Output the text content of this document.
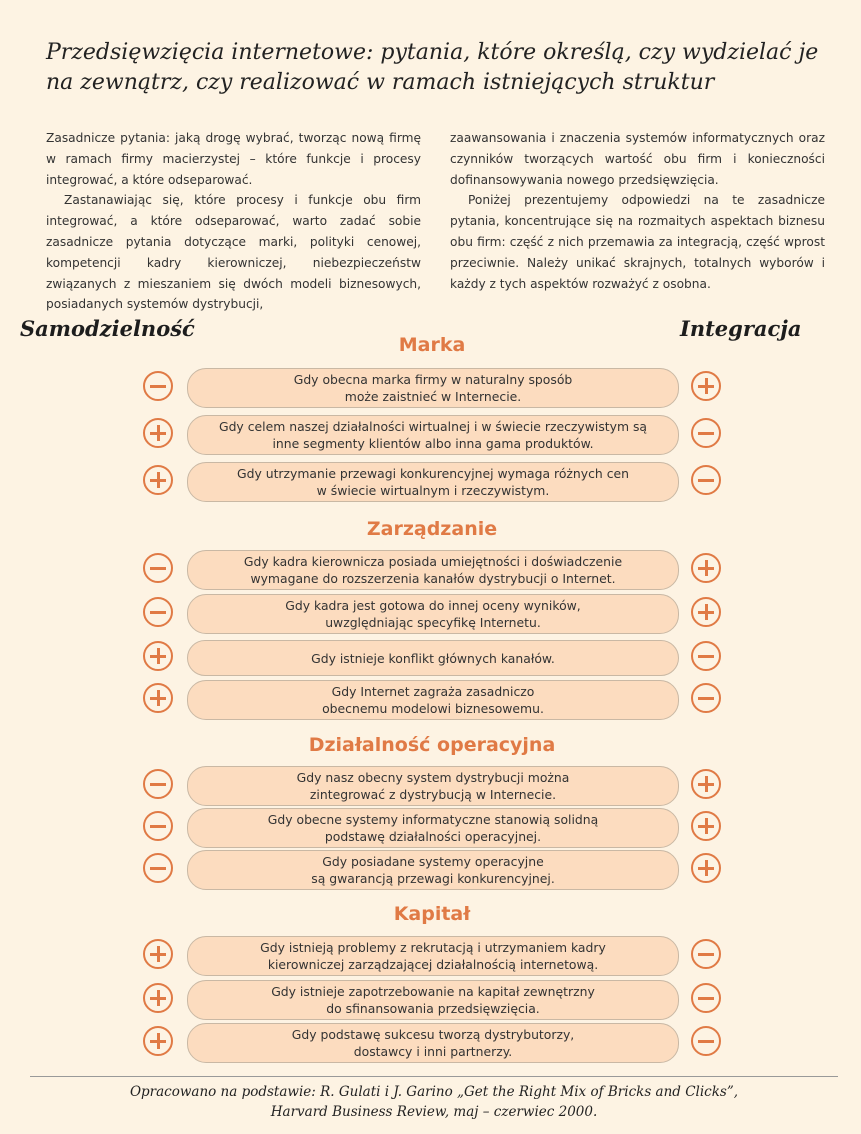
Przedsięwzięcia internetowe: pytania, które określą, czy wydzielać je
na zewnątrz, czy realizować w ramach istniejących struktur

Zasadnicze pytania: jaką drogę wybrać, tworząc nową firmę w ramach firmy macierzystej – które funkcje i procesy integrować, a które odseparować.

Zastanawiając się, które procesy i funkcje obu firm integrować, a które odseparować, warto zadać sobie zasadnicze pytania dotyczące marki, polityki cenowej, kompetencji kadry kierowniczej, niebezpieczeństw związanych z mieszaniem się dwóch modeli biznesowych, posiadanych systemów dystrybucji,

zaawansowania i znaczenia systemów informatycznych oraz czynników tworzących wartość obu firm i konieczności dofinansowywania nowego przedsięwzięcia.

Poniżej prezentujemy odpowiedzi na te zasadnicze pytania, koncentrujące się na rozmaitych aspektach biznesu obu firm: część z nich przemawia za integracją, część wprost przeciwnie. Należy unikać skrajnych, totalnych wyborów i każdy z tych aspektów rozważyć z osobna.

Samodzielność	Integracja
Marka
Gdy obecna marka firmy w naturalny sposób
może zaistnieć w Internecie.
Gdy celem naszej działalności wirtualnej i w świecie rzeczywistym są
inne segmenty klientów albo inna gama produktów.
Gdy utrzymanie przewagi konkurencyjnej wymaga różnych cen
w świecie wirtualnym i rzeczywistym.
Zarządzanie
Gdy kadra kierownicza posiada umiejętności i doświadczenie
wymagane do rozszerzenia kanałów dystrybucji o Internet.
Gdy kadra jest gotowa do innej oceny wyników,
uwzględniając specyfikę Internetu.
Gdy istnieje konflikt głównych kanałów.
Gdy Internet zagraża zasadniczo
obecnemu modelowi biznesowemu.
Działalność operacyjna
Gdy nasz obecny system dystrybucji można
zintegrować z dystrybucją w Internecie.
Gdy obecne systemy informatyczne stanowią solidną
podstawę działalności operacyjnej.
Gdy posiadane systemy operacyjne
są gwarancją przewagi konkurencyjnej.
Kapitał
Gdy istnieją problemy z rekrutacją i utrzymaniem kadry
kierowniczej zarządzającej działalnością internetową.
Gdy istnieje zapotrzebowanie na kapitał zewnętrzny
do sfinansowania przedsięwzięcia.
Gdy podstawę sukcesu tworzą dystrybutorzy,
dostawcy i inni partnerzy.
Opracowano na podstawie: R. Gulati i J. Garino „Get the Right Mix of Bricks and Clicks”,
Harvard Business Review, maj – czerwiec 2000.
